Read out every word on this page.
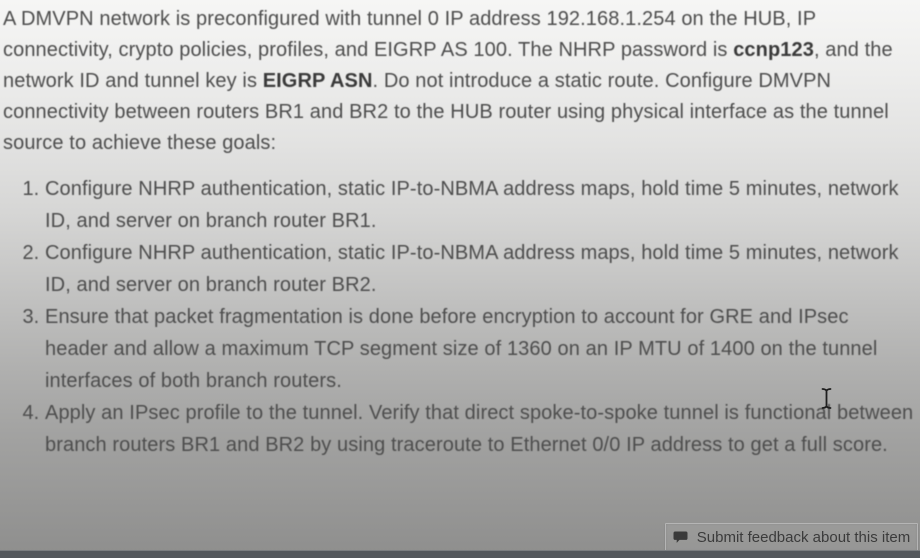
A DMVPN network is preconfigured with tunnel 0 IP address 192.168.1.254 on the HUB, IP connectivity, crypto policies, profiles, and EIGRP AS 100. The NHRP password is ccnp123, and the network ID and tunnel key is EIGRP ASN. Do not introduce a static route. Configure DMVPN connectivity between routers BR1 and BR2 to the HUB router using physical interface as the tunnel source to achieve these goals:

1. Configure NHRP authentication, static IP-to-NBMA address maps, hold time 5 minutes, network ID, and server on branch router BR1.
2. Configure NHRP authentication, static IP-to-NBMA address maps, hold time 5 minutes, network ID, and server on branch router BR2.
3. Ensure that packet fragmentation is done before encryption to account for GRE and IPsec header and allow a maximum TCP segment size of 1360 on an IP MTU of 1400 on the tunnel interfaces of both branch routers.
4. Apply an IPsec profile to the tunnel. Verify that direct spoke-to-spoke tunnel is functional between branch routers BR1 and BR2 by using traceroute to Ethernet 0/0 IP address to get a full score.
Submit feedback about this item
